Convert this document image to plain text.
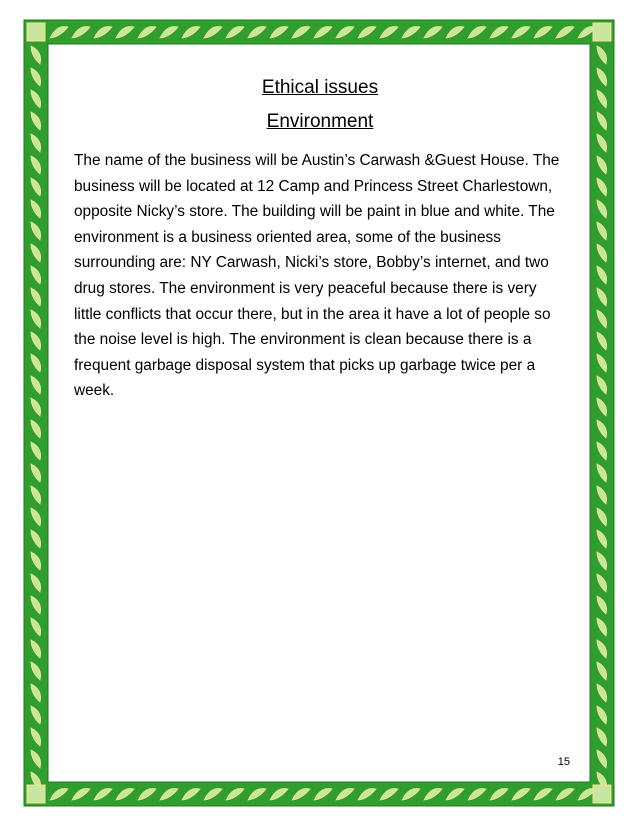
Ethical issues
Environment

The name of the business will be Austin’s Carwash &Guest House. The business will be located at 12 Camp and Princess Street Charlestown, opposite Nicky’s store. The building will be paint in blue and white. The environment is a business oriented area, some of the business surrounding are: NY Carwash, Nicki’s store, Bobby’s internet, and two drug stores. The environment is very peaceful because there is very little conflicts that occur there, but in the area it have a lot of people so the noise level is high. The environment is clean because there is a frequent garbage disposal system that picks up garbage twice per a week.

15
